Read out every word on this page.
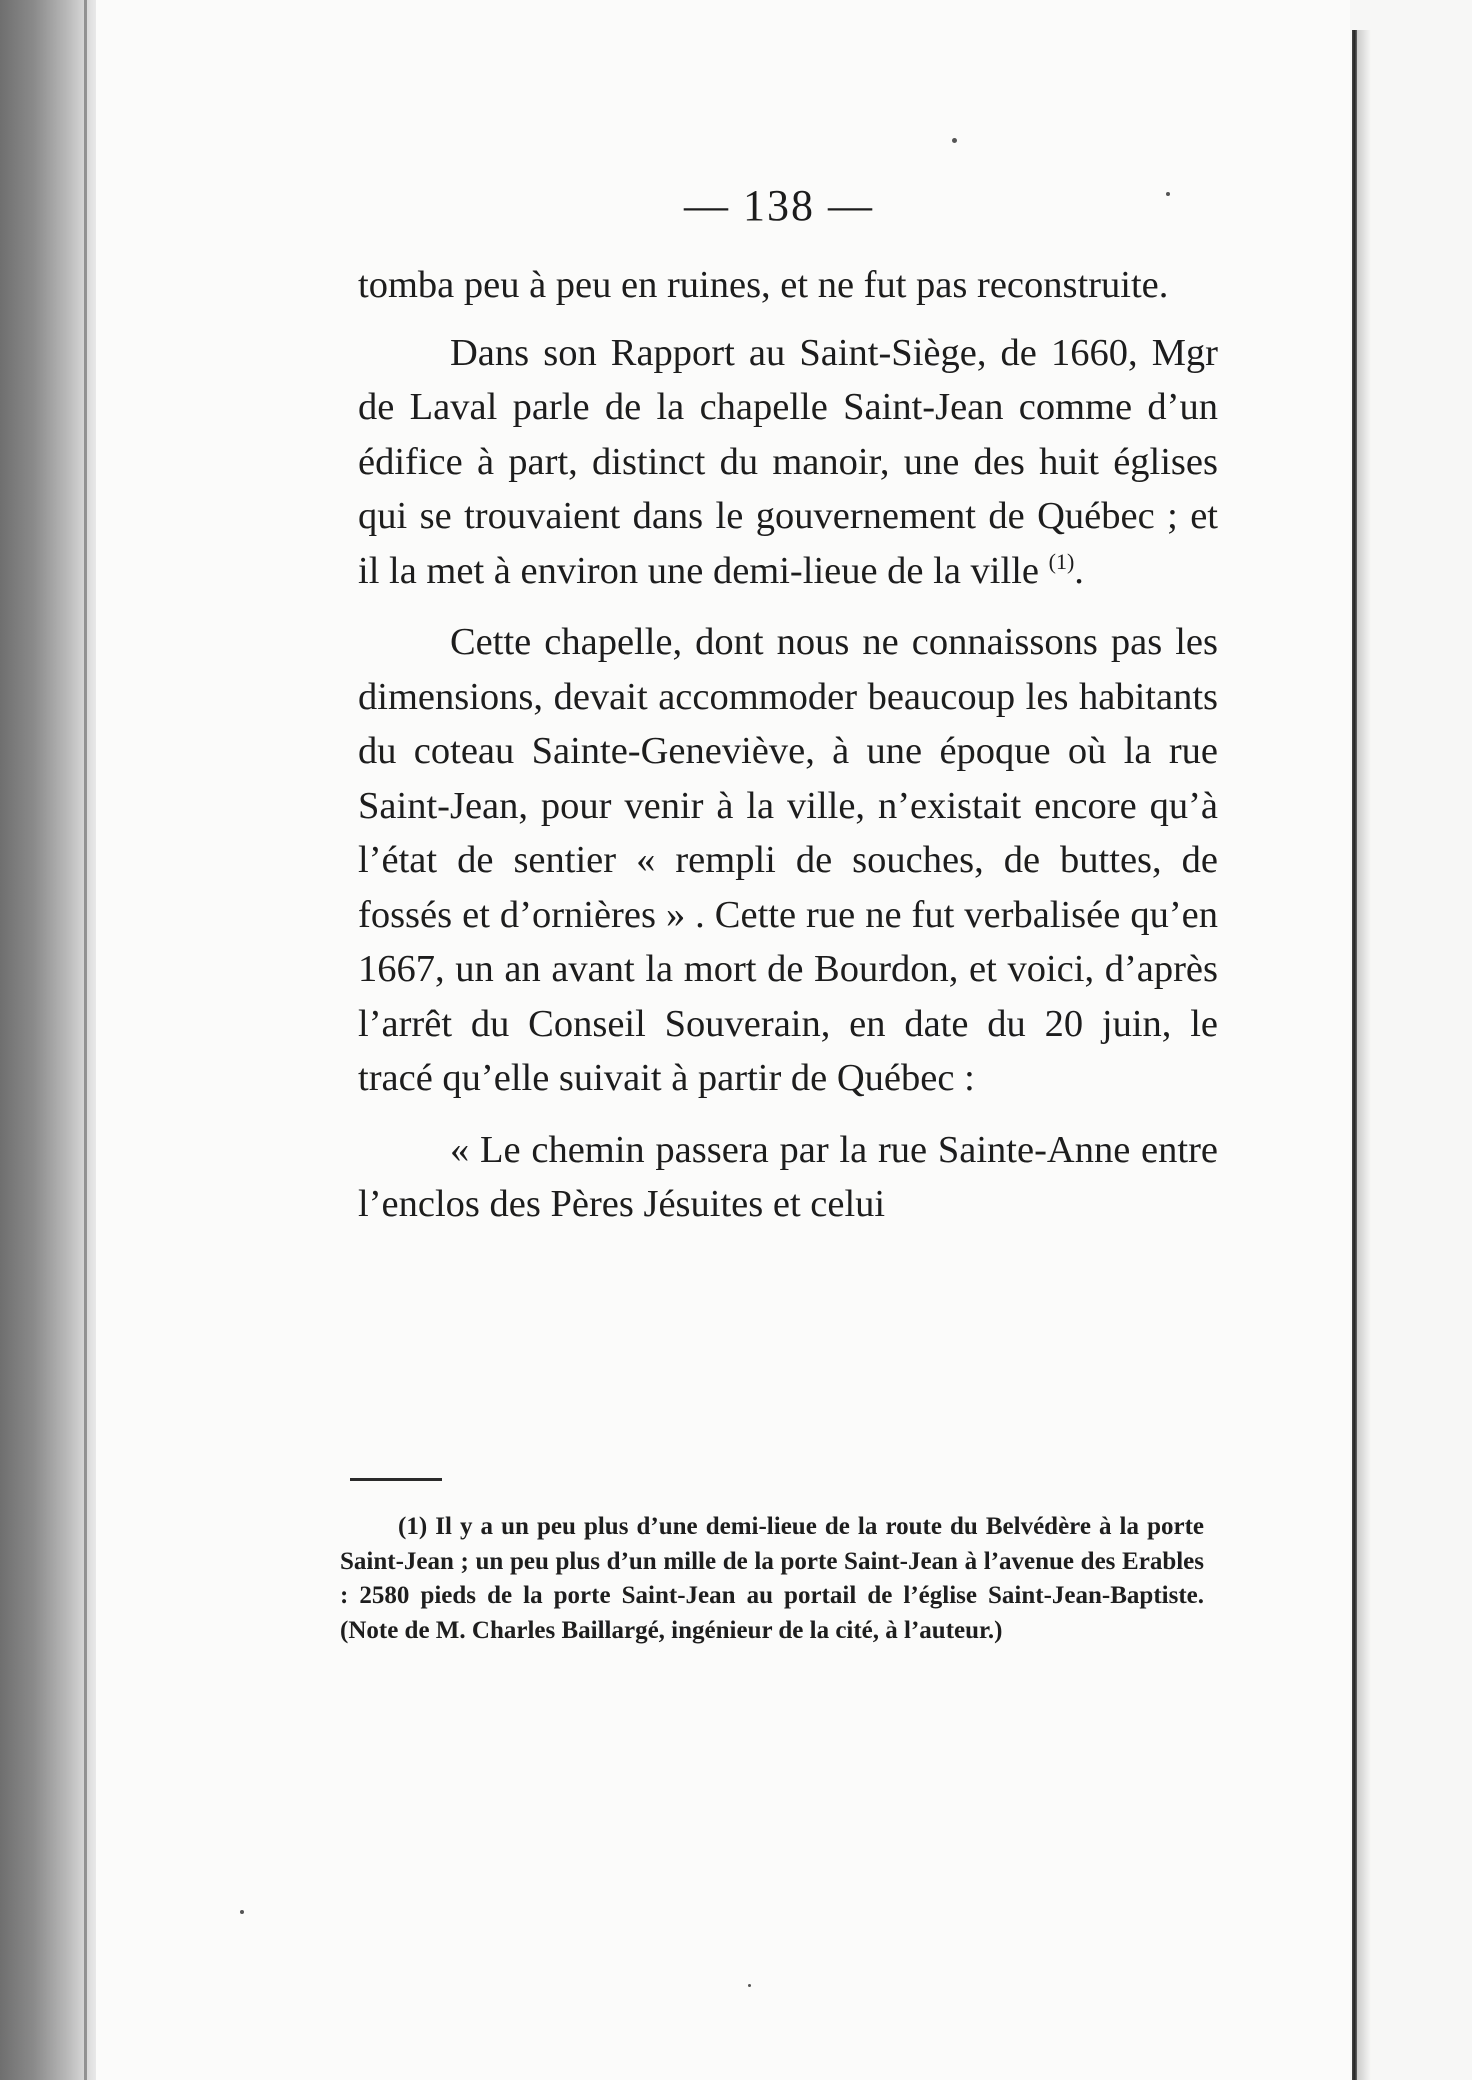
— 138 —

tomba peu à peu en ruines, et ne fut pas reconstruite.

Dans son Rapport au Saint-Siège, de 1660, Mgr de Laval parle de la chapelle Saint-Jean comme d’un édifice à part, distinct du manoir, une des huit églises qui se trouvaient dans le gouvernement de Québec ; et il la met à environ une demi-lieue de la ville $^{(1)}$.

Cette chapelle, dont nous ne connaissons pas les dimensions, devait accommoder beaucoup les habitants du coteau Sainte-Geneviève, à une époque où la rue Saint-Jean, pour venir à la ville, n’existait encore qu’à l’état de sentier « rempli de souches, de buttes, de fossés et d’ornières » . Cette rue ne fut verbalisée qu’en 1667, un an avant la mort de Bourdon, et voici, d’après l’arrêt du Conseil Souverain, en date du 20 juin, le tracé qu’elle suivait à partir de Québec :

« Le chemin passera par la rue Sainte-Anne entre l’enclos des Pères Jésuites et celui

(1) Il y a un peu plus d’une demi-lieue de la route du Belvédère à la porte Saint-Jean ; un peu plus d’un mille de la porte Saint-Jean à l’avenue des Erables : 2580 pieds de la porte Saint-Jean au portail de l’église Saint-Jean-Baptiste. (Note de M. Charles Baillargé, ingénieur de la cité, à l’auteur.)
